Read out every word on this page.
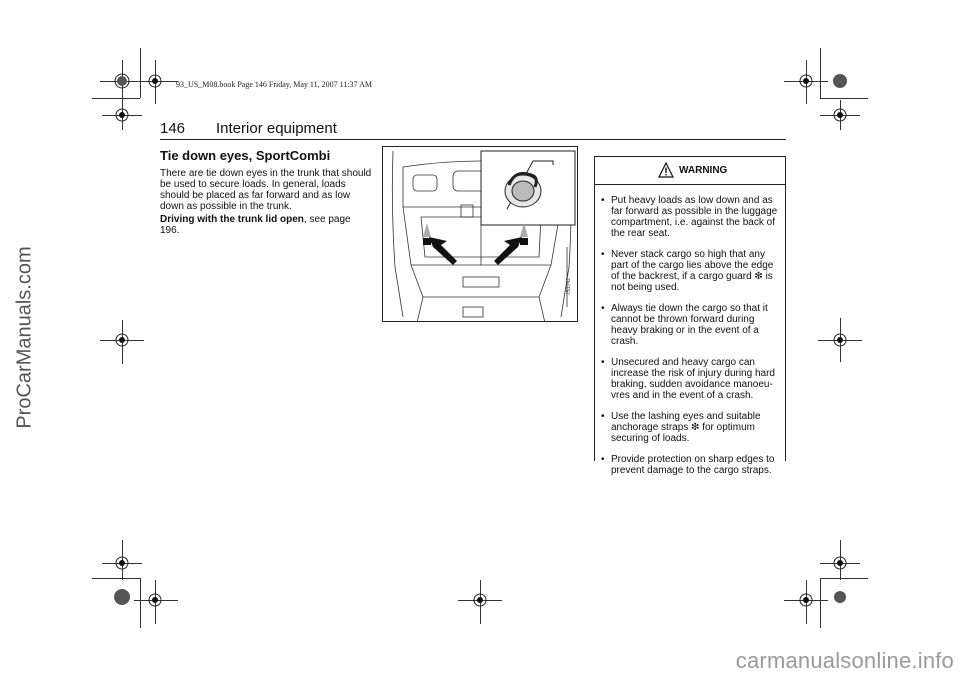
93_US_M08.book Page 146 Friday, May 11, 2007 11:37 AM
146 Interior equipment
Tie down eyes, SportCombi

There are tie down eyes in the trunk that should be used to secure loads. In general, loads should be placed as far forward and as low down as possible in the trunk.

Driving with the trunk lid open, see page 196.

IS1742
WARNING
• Put heavy loads as low down and as far forward as possible in the luggage compartment, i.e. against the back of the rear seat.
• Never stack cargo so high that any part of the cargo lies above the edge of the backrest, if a cargo guard ❇ is not being used.
• Always tie down the cargo so that it cannot be thrown forward during heavy braking or in the event of a crash.
• Unsecured and heavy cargo can increase the risk of injury during hard braking, sudden avoidance manoeu-vres and in the event of a crash.
• Use the lashing eyes and suitable anchorage straps ❇ for optimum securing of loads.
• Provide protection on sharp edges to prevent damage to the cargo straps.
ProCarManuals.com
carmanualsonline.info
